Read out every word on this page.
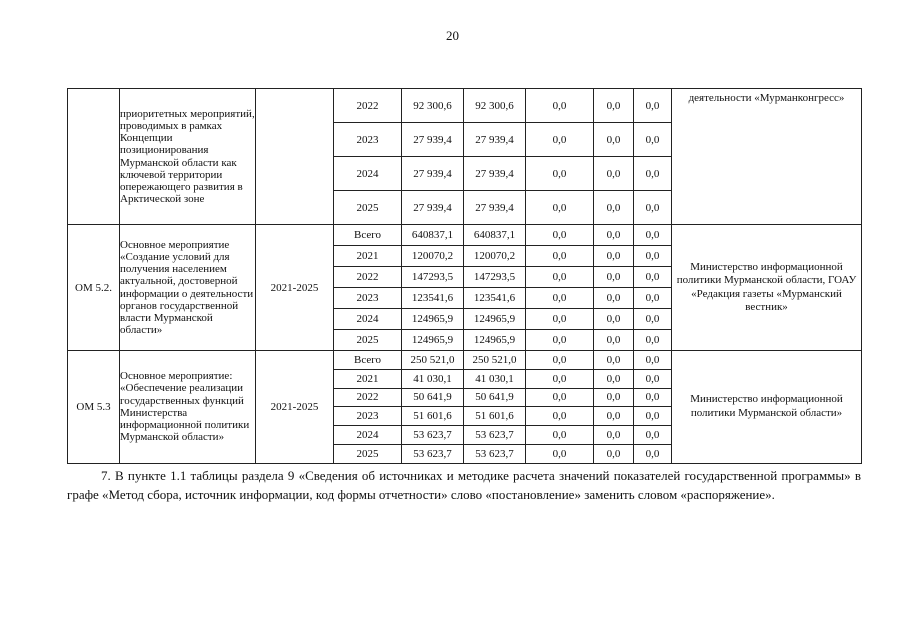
20
	приоритетных мероприятий, проводимых в рамках Концепции позиционирования Мурманской области как ключевой территории опережающего развития в Арктической зоне		2022	92 300,6	92 300,6	0,0	0,0	0,0	деятельности «Мурманконгресс»
			2023	27 939,4	27 939,4	0,0	0,0	0,0	
			2024	27 939,4	27 939,4	0,0	0,0	0,0	
			2025	27 939,4	27 939,4	0,0	0,0	0,0	
ОМ 5.2.	Основное мероприятие «Создание условий для получения населением актуальной, достоверной информации о деятельности органов государственной власти Мурманской области»	2021-2025	Всего	640837,1	640837,1	0,0	0,0	0,0	Министерство информационной политики Мурманской области, ГОАУ «Редакция газеты «Мурманский вестник»
			2021	120070,2	120070,2	0,0	0,0	0,0	
			2022	147293,5	147293,5	0,0	0,0	0,0	
			2023	123541,6	123541,6	0,0	0,0	0,0	
			2024	124965,9	124965,9	0,0	0,0	0,0	
			2025	124965,9	124965,9	0,0	0,0	0,0	
ОМ 5.3	Основное мероприятие: «Обеспечение реализации государственных функций Министерства информационной политики Мурманской области»	2021-2025	Всего	250 521,0	250 521,0	0,0	0,0	0,0	Министерство информационной политики Мурманской области»
			2021	41 030,1	41 030,1	0,0	0,0	0,0	
			2022	50 641,9	50 641,9	0,0	0,0	0,0	
			2023	51 601,6	51 601,6	0,0	0,0	0,0	
			2024	53 623,7	53 623,7	0,0	0,0	0,0	
			2025	53 623,7	53 623,7	0,0	0,0	0,0	
7. В пункте 1.1 таблицы раздела 9 «Сведения об источниках и методике расчета значений показателей государственной программы» в графе «Метод сбора, источник информации, код формы отчетности» слово «постановление» заменить словом «распоряжение».
